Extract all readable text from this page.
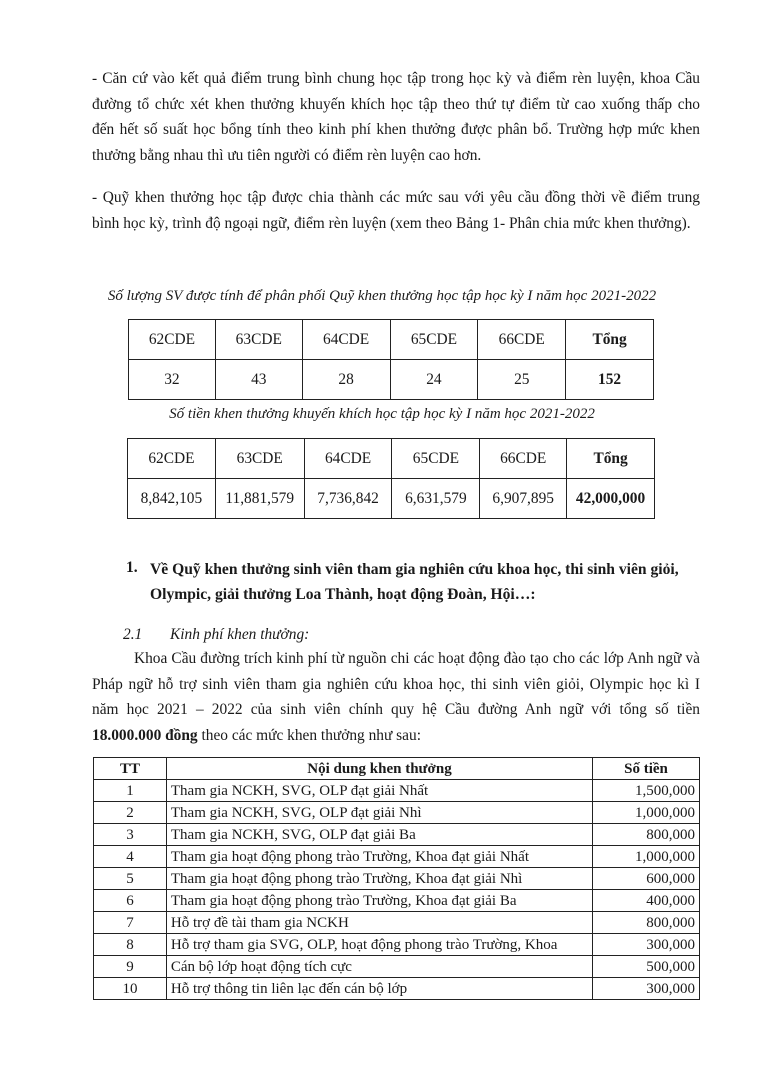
- Căn cứ vào kết quả điểm trung bình chung học tập trong học kỳ và điểm rèn luyện, khoa Cầu
đường tổ chức xét khen thưởng khuyến khích học tập theo thứ tự điểm từ cao xuống thấp cho
đến hết số suất học bổng tính theo kinh phí khen thưởng được phân bổ. Trường hợp mức khen
thưởng bằng nhau thì ưu tiên người có điểm rèn luyện cao hơn.
- Quỹ khen thưởng học tập được chia thành các mức sau với yêu cầu đồng thời về điểm trung
bình học kỳ, trình độ ngoại ngữ, điểm rèn luyện (xem theo Bảng 1- Phân chia mức khen thưởng).
Số lượng SV được tính để phân phối Quỹ khen thưởng học tập học kỳ I năm học 2021-2022
62CDE	63CDE	64CDE	65CDE	66CDE	Tổng
32	43	28	24	25	152
Số tiền khen thưởng khuyến khích học tập học kỳ I năm học 2021-2022
62CDE	63CDE	64CDE	65CDE	66CDE	Tổng
8,842,105	11,881,579	7,736,842	6,631,579	6,907,895	42,000,000
1. Về Quỹ khen thưởng sinh viên tham gia nghiên cứu khoa học, thi sinh viên giỏi,
Olympic, giải thưởng Loa Thành, hoạt động Đoàn, Hội…:
2.1 Kinh phí khen thưởng:
Khoa Cầu đường trích kinh phí từ nguồn chi các hoạt động đào tạo cho các lớp Anh ngữ và
Pháp ngữ hỗ trợ sinh viên tham gia nghiên cứu khoa học, thi sinh viên giỏi, Olympic học kì I
năm học 2021 – 2022 của sinh viên chính quy hệ Cầu đường Anh ngữ với tổng số tiền
18.000.000 đồng theo các mức khen thưởng như sau:
TT	Nội dung khen thưởng	Số tiền
1	Tham gia NCKH, SVG, OLP đạt giải Nhất	1,500,000
2	Tham gia NCKH, SVG, OLP đạt giải Nhì	1,000,000
3	Tham gia NCKH, SVG, OLP đạt giải Ba	800,000
4	Tham gia hoạt động phong trào Trường, Khoa đạt giải Nhất	1,000,000
5	Tham gia hoạt động phong trào Trường, Khoa đạt giải Nhì	600,000
6	Tham gia hoạt động phong trào Trường, Khoa đạt giải Ba	400,000
7	Hỗ trợ đề tài tham gia NCKH	800,000
8	Hỗ trợ tham gia SVG, OLP, hoạt động phong trào Trường, Khoa	300,000
9	Cán bộ lớp hoạt động tích cực	500,000
10	Hỗ trợ thông tin liên lạc đến cán bộ lớp	300,000
